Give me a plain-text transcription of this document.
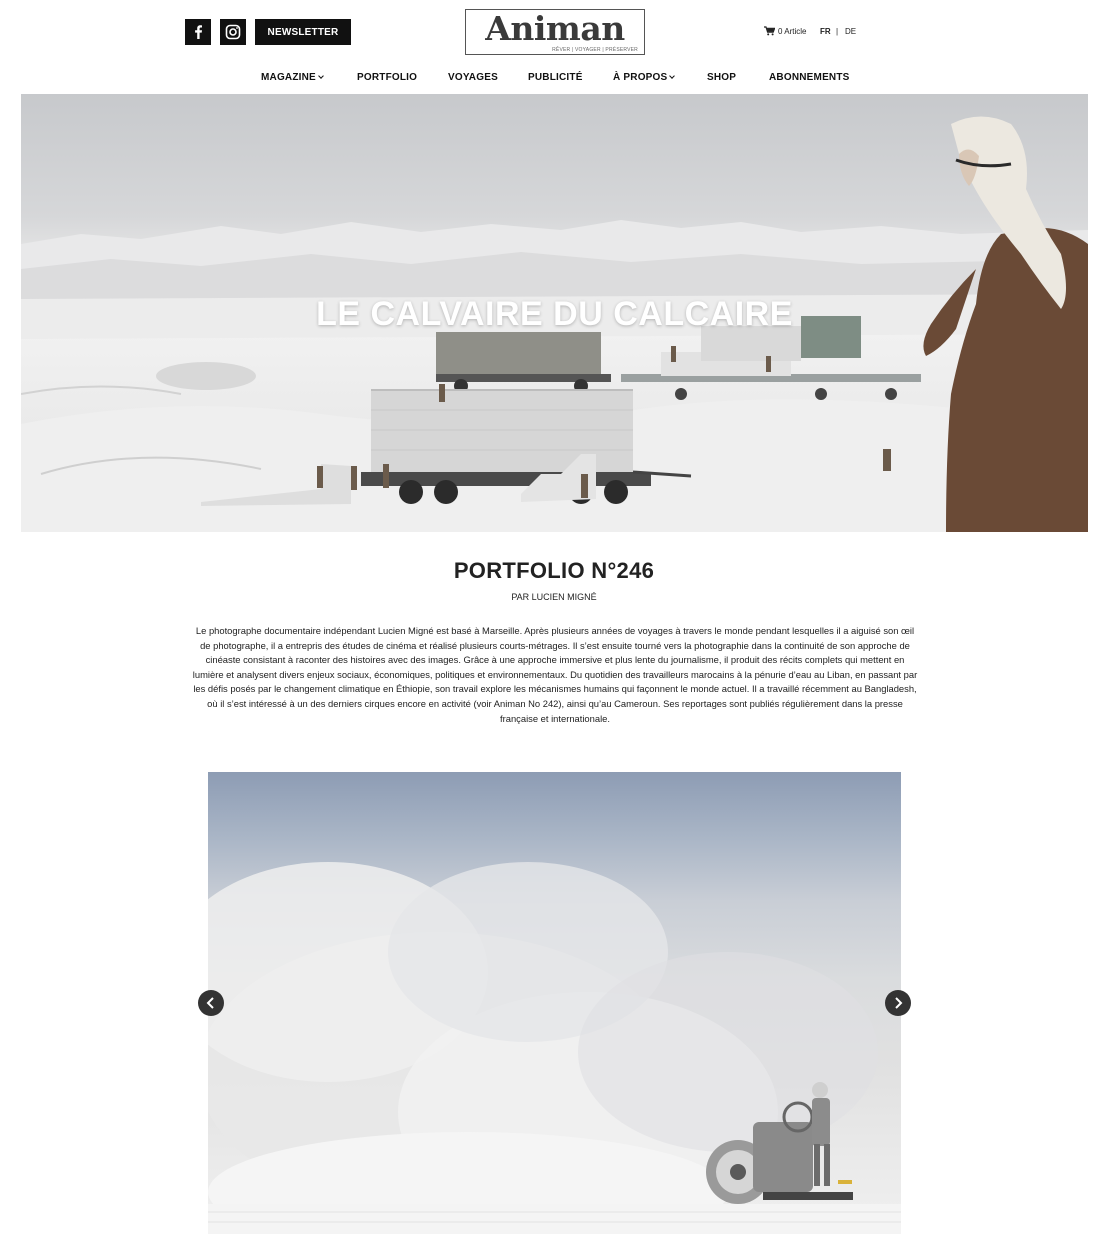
NEWSLETTER	Animan
RÊVER | VOYAGER | PRÉSERVER
0 Article FR | DE
MAGAZINE	PORTFOLIO	VOYAGES	PUBLICITÉ	À PROPOS	SHOP	ABONNEMENTS
LE CALVAIRE DU CALCAIRE
PORTFOLIO N°246
PAR LUCIEN MIGNÉ

Le photographe documentaire indépendant Lucien Migné est basé à Marseille. Après plusieurs années de voyages à travers le monde pendant lesquelles il a aiguisé son œil de photographe, il a entrepris des études de cinéma et réalisé plusieurs courts-métrages. Il s’est ensuite tourné vers la photographie dans la continuité de son approche de cinéaste consistant à raconter des histoires avec des images. Grâce à une approche immersive et plus lente du journalisme, il produit des récits complets qui mettent en lumière et analysent divers enjeux sociaux, économiques, politiques et environnementaux. Du quotidien des travailleurs marocains à la pénurie d’eau au Liban, en passant par les défis posés par le changement climatique en Éthiopie, son travail explore les mécanismes humains qui façonnent le monde actuel. Il a travaillé récemment au Bangladesh, où il s’est intéressé à un des derniers cirques encore en activité (voir Animan No 242), ainsi qu’au Cameroun. Ses reportages sont publiés régulièrement dans la presse française et internationale.
